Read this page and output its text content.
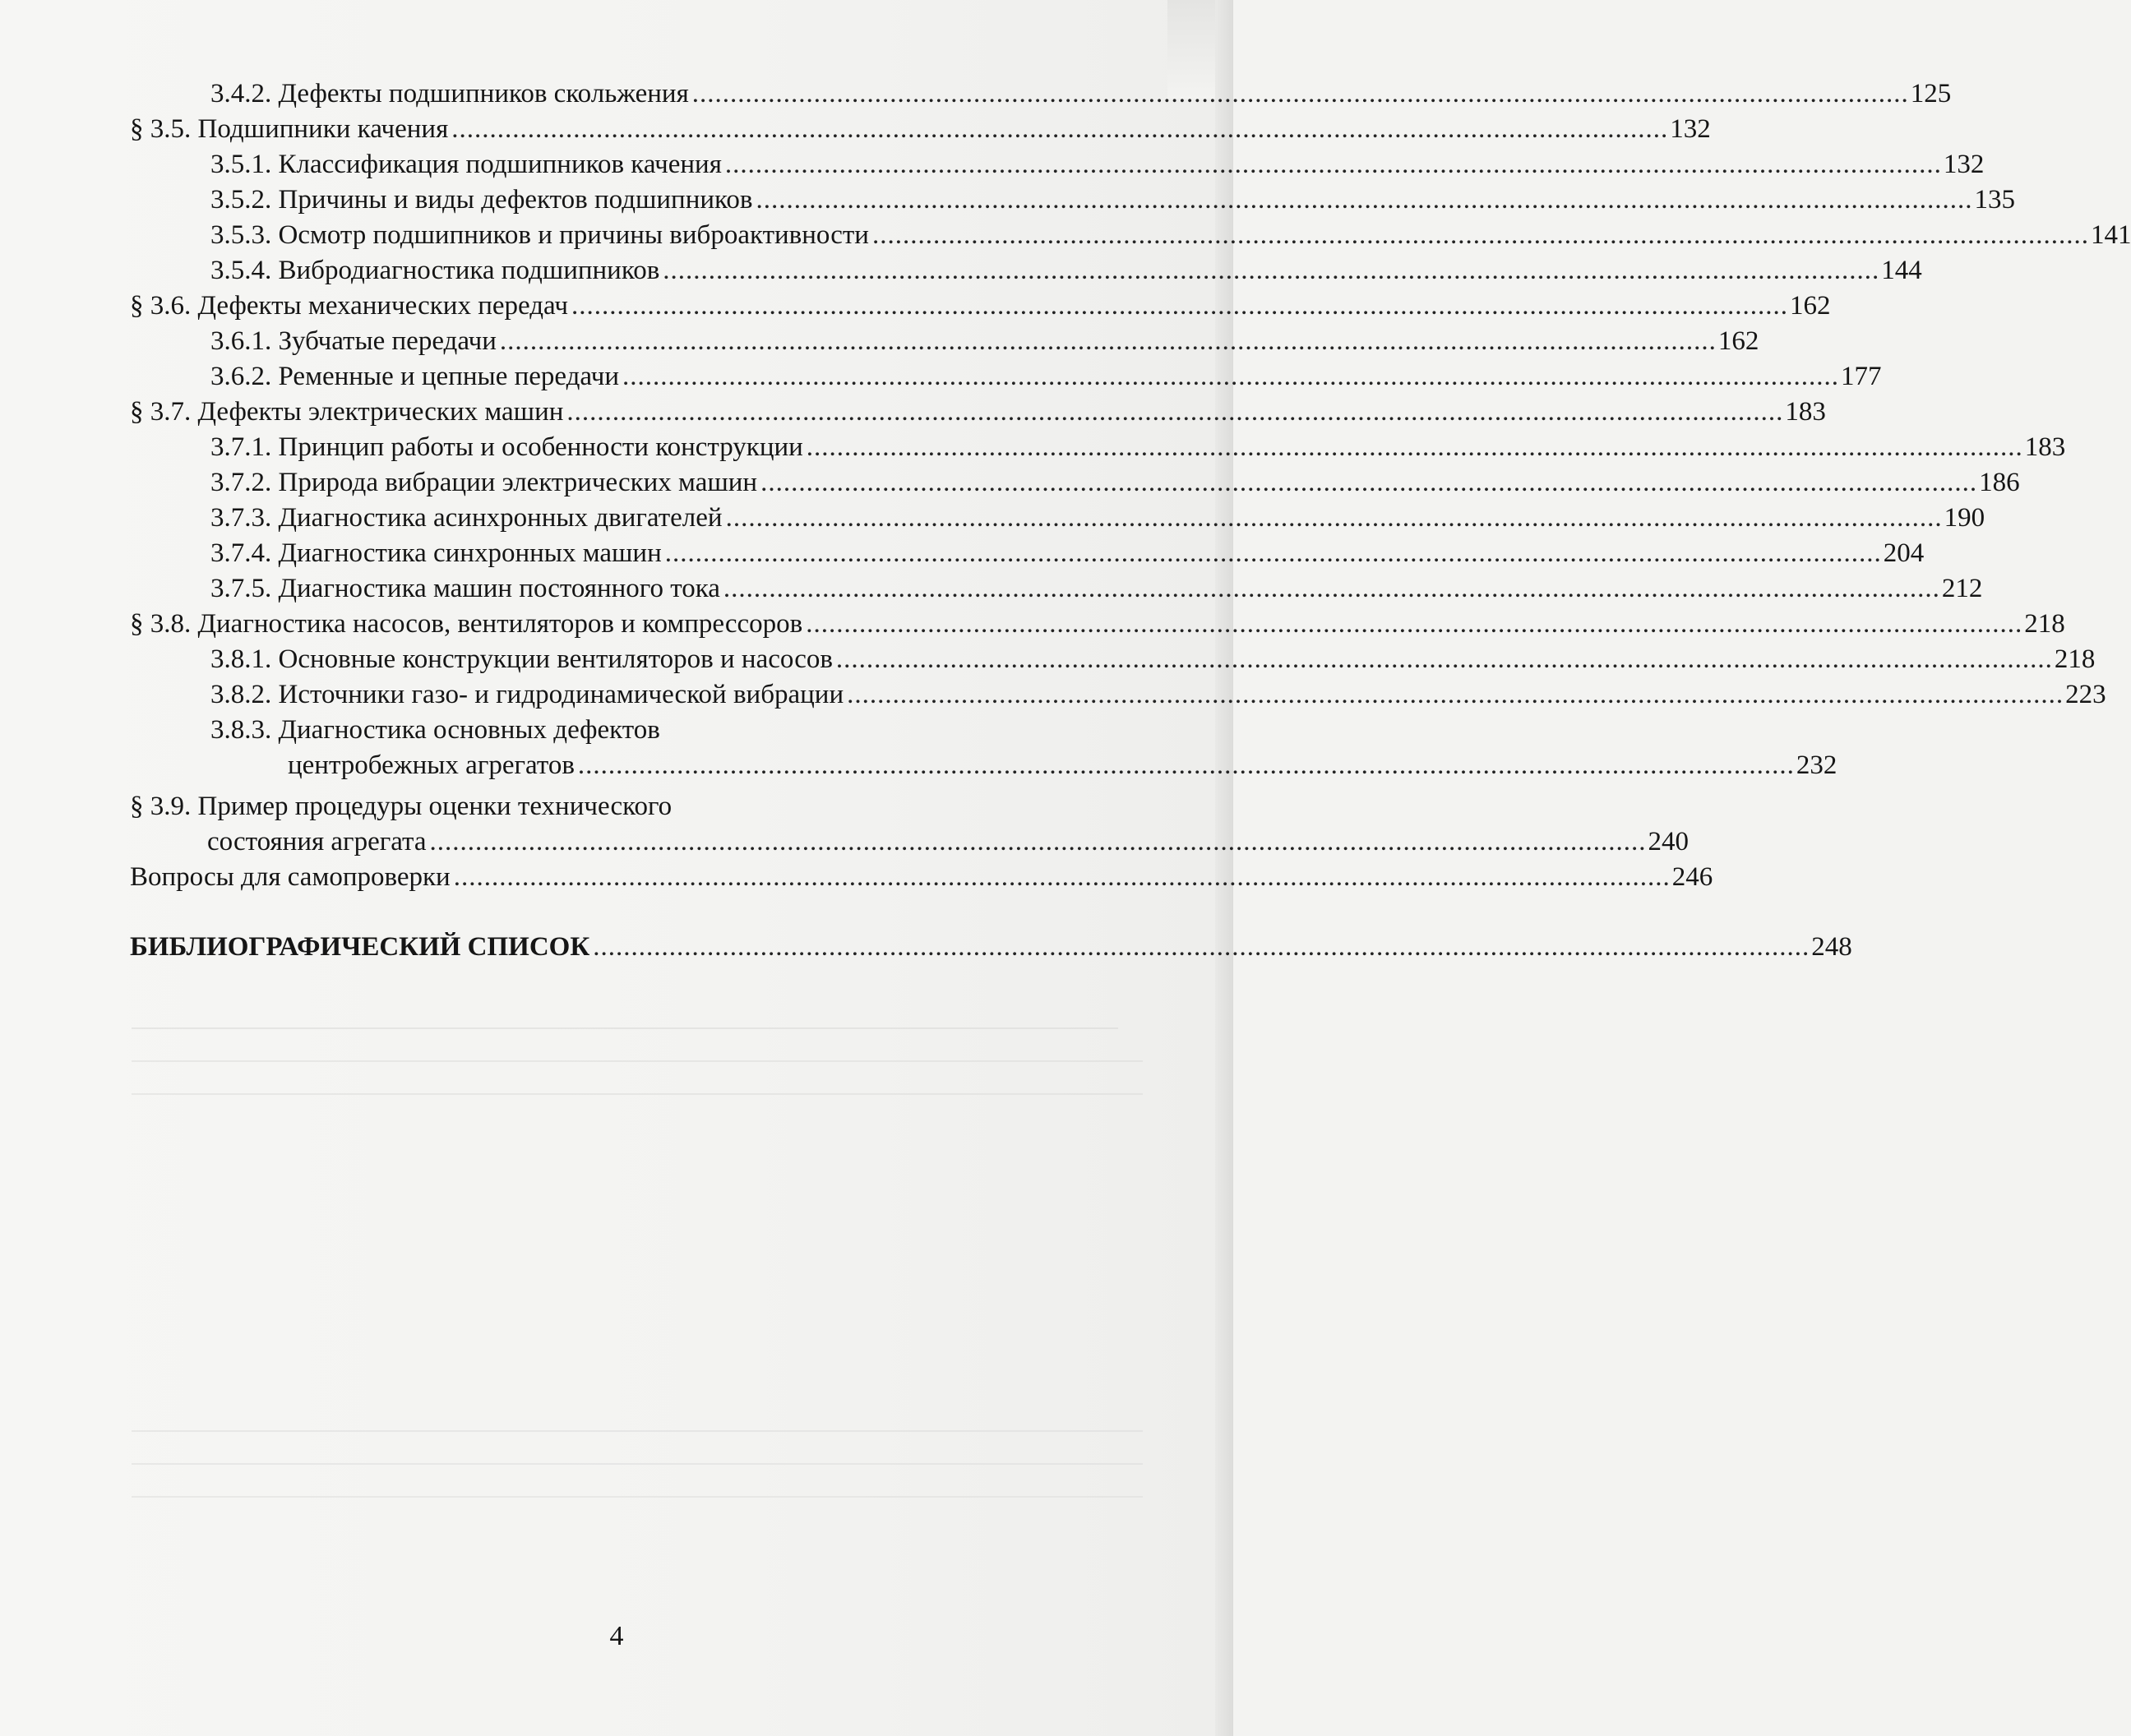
3.4.2. Дефекты подшипников скольжения ................................................................................................................................................................ 125
§ 3.5. Подшипники качения ................................................................................................................................................................ 132
3.5.1. Классификация подшипников качения ................................................................................................................................................................ 132
3.5.2. Причины и виды дефектов подшипников ................................................................................................................................................................ 135
3.5.3. Осмотр подшипников и причины виброактивности ................................................................................................................................................................ 141
3.5.4. Вибродиагностика подшипников ................................................................................................................................................................ 144
§ 3.6. Дефекты механических передач ................................................................................................................................................................ 162
3.6.1. Зубчатые передачи ................................................................................................................................................................ 162
3.6.2. Ременные и цепные передачи ................................................................................................................................................................ 177
§ 3.7. Дефекты электрических машин ................................................................................................................................................................ 183
3.7.1. Принцип работы и особенности конструкции ................................................................................................................................................................ 183
3.7.2. Природа вибрации электрических машин ................................................................................................................................................................ 186
3.7.3. Диагностика асинхронных двигателей ................................................................................................................................................................ 190
3.7.4. Диагностика синхронных машин ................................................................................................................................................................ 204
3.7.5. Диагностика машин постоянного тока ................................................................................................................................................................ 212
§ 3.8. Диагностика насосов, вентиляторов и компрессоров ................................................................................................................................................................ 218
3.8.1. Основные конструкции вентиляторов и насосов ................................................................................................................................................................ 218
3.8.2. Источники газо- и гидродинамической вибрации ................................................................................................................................................................ 223
3.8.3. Диагностика основных дефектов
центробежных агрегатов ................................................................................................................................................................ 232
§ 3.9. Пример процедуры оценки технического
состояния агрегата ................................................................................................................................................................ 240
Вопросы для самопроверки ................................................................................................................................................................ 246
БИБЛИОГРАФИЧЕСКИЙ СПИСОК ................................................................................................................................................................ 248
4
